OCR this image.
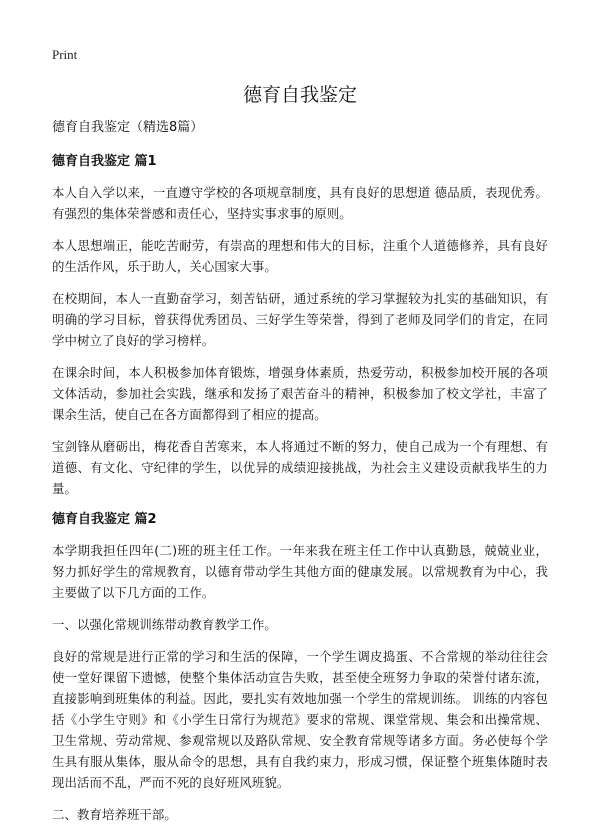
Print
德育自我鉴定

德育自我鉴定（精选8篇）

德育自我鉴定 篇1

本人自入学以来，一直遵守学校的各项规章制度，具有良好的思想道 德品质，表现优秀。有强烈的集体荣誉感和责任心，坚持实事求事的原则。

本人思想端正，能吃苦耐劳，有崇高的理想和伟大的目标，注重个人道德修养，具有良好的生活作风，乐于助人，关心国家大事。

在校期间，本人一直勤奋学习，刻苦钻研，通过系统的学习掌握较为扎实的基础知识，有明确的学习目标，曾获得优秀团员、三好学生等荣誉，得到了老师及同学们的肯定，在同学中树立了良好的学习榜样。

在课余时间，本人积极参加体育锻炼，增强身体素质，热爱劳动，积极参加校开展的各项文体活动，参加社会实践，继承和发扬了艰苦奋斗的精神，积极参加了校文学社，丰富了课余生活，使自己在各方面都得到了相应的提高。

宝剑锋从磨砺出，梅花香自苦寒来，本人将通过不断的努力，使自己成为一个有理想、有道德、有文化、守纪律的学生，以优异的成绩迎接挑战，为社会主义建设贡献我毕生的力量。

德育自我鉴定 篇2

本学期我担任四年(二)班的班主任工作。一年来我在班主任工作中认真勤恳，兢兢业业，努力抓好学生的常规教育，以德育带动学生其他方面的健康发展。以常规教育为中心，我主要做了以下几方面的工作。

一、以强化常规训练带动教育教学工作。

良好的常规是进行正常的学习和生活的保障，一个学生调皮捣蛋、不合常规的举动往往会使一堂好课留下遗憾，使整个集体活动宣告失败，甚至使全班努力争取的荣誉付诸东流，直接影响到班集体的利益。因此，要扎实有效地加强一个学生的常规训练。 训练的内容包括《小学生守则》和《小学生日常行为规范》要求的常规、课堂常规、集会和出操常规、卫生常规、劳动常规、参观常规以及路队常规、安全教育常规等诸多方面。务必使每个学生具有服从集体，服从命令的思想，具有自我约束力，形成习惯，保证整个班集体随时表现出活而不乱，严而不死的良好班风班貌。

二、教育培养班干部。
